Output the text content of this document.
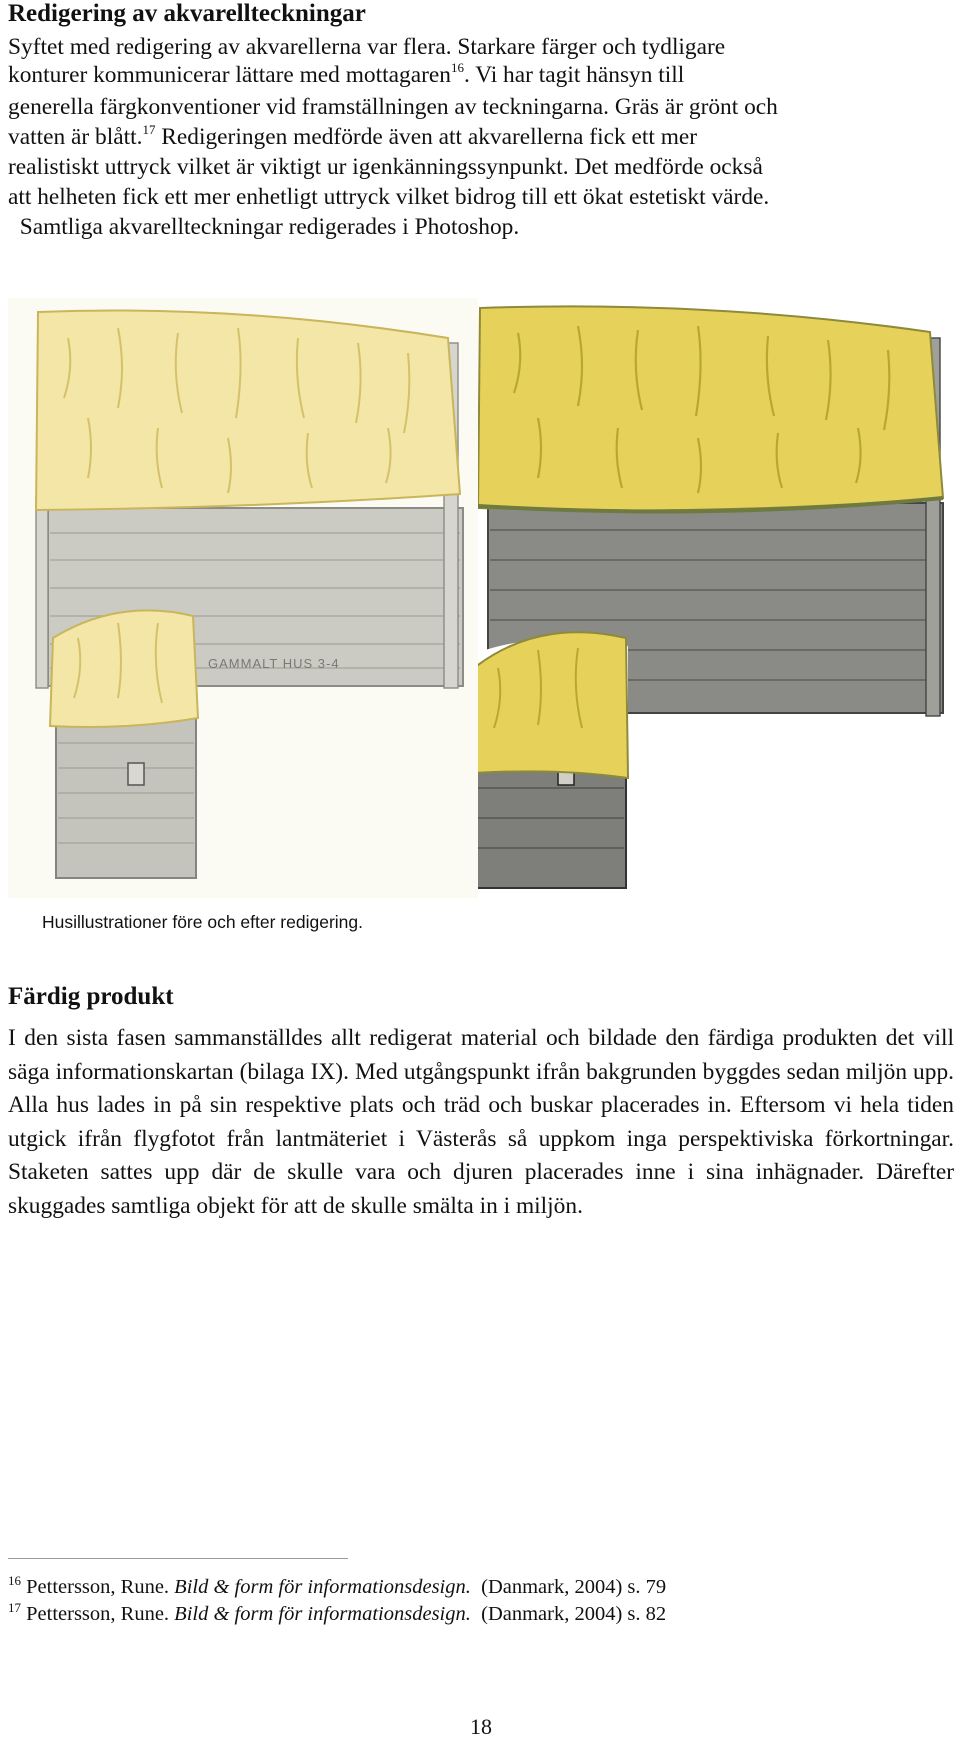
Redigering av akvarellteckningar
Syftet med redigering av akvarellerna var flera. Starkare färger och tydligare
konturer kommunicerar lättare med mottagaren$^{16}$. Vi har tagit hänsyn till
generella färgkonventioner vid framställningen av teckningarna. Gräs är grönt och
vatten är blått.$^{17}$ Redigeringen medförde även att akvarellerna fick ett mer
realistiskt uttryck vilket är viktigt ur igenkänningssynpunkt. Det medförde också
att helheten fick ett mer enhetligt uttryck vilket bidrog till ett ökat estetiskt värde.
Samtliga akvarellteckningar redigerades i Photoshop.
GAMMALT HUS 3-4
Husillustrationer före och efter redigering.
Färdig produkt
I den sista fasen sammanställdes allt redigerat material och bildade den färdiga produkten det vill säga informationskartan (bilaga IX). Med utgångspunkt ifrån bakgrunden byggdes sedan miljön upp. Alla hus lades in på sin respektive plats och träd och buskar placerades in. Eftersom vi hela tiden utgick ifrån flygfotot från lantmäteriet i Västerås så uppkom inga perspektiviska förkortningar. Staketen sattes upp där de skulle vara och djuren placerades inne i sina inhägnader. Därefter skuggades samtliga objekt för att de skulle smälta in i miljön.
$^{16}$ Pettersson, Rune. Bild & form för informationsdesign. (Danmark, 2004) s. 79
$^{17}$ Pettersson, Rune. Bild & form för informationsdesign. (Danmark, 2004) s. 82
18
